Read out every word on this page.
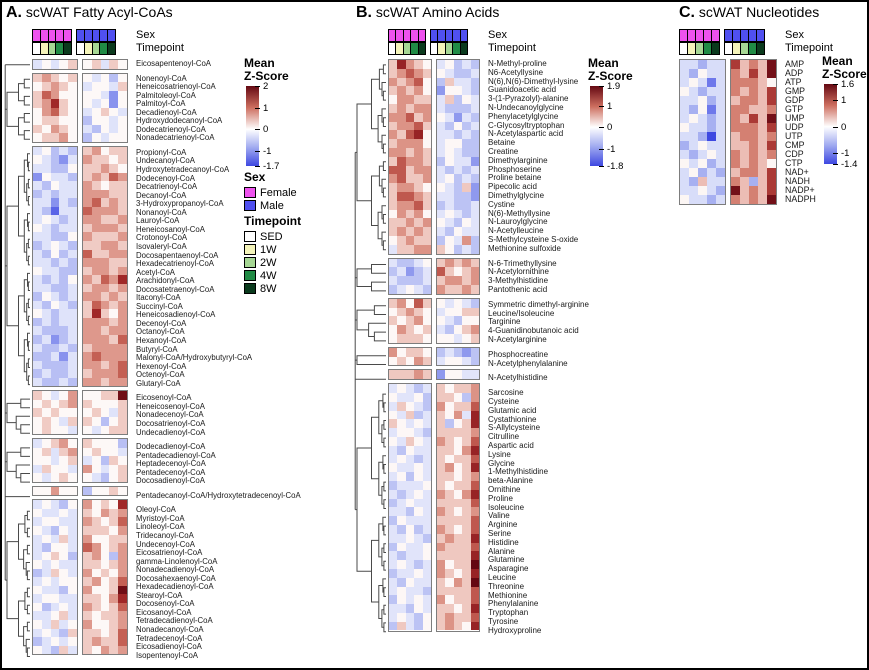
A. scWAT Fatty Acyl-CoAs
Sex
Timepoint
Eicosapentenoyl-CoA
Nonenoyl-CoA
Heneicosatrienoyl-CoA
Palmitoleoyl-CoA
Palmitoyl-CoA
Decadienoyl-CoA
Hydroxydodecanoyl-CoA
Dodecatrienoyl-CoA
Nonadecatrienoyl-CoA
Propionyl-CoA
Undecanoyl-CoA
Hydroxytetradecanoyl-CoA
Dodecenoyl-CoA
Decatrienoyl-CoA
Decanoyl-CoA
3-Hydroxypropanoyl-CoA
Nonanoyl-CoA
Lauroyl-CoA
Heneicosanoyl-CoA
Crotonoyl-CoA
Isovaleryl-CoA
Docosapentaenoyl-CoA
Hexadecatrienoyl-CoA
Acetyl-CoA
Arachidonyl-CoA
Docosatetraenoyl-CoA
Itaconyl-CoA
Succinyl-CoA
Heneicosadienoyl-CoA
Decenoyl-CoA
Octanoyl-CoA
Hexanoyl-CoA
Butyryl-CoA
Malonyl-CoA/Hydroxybutyryl-CoA
Hexenoyl-CoA
Octenoyl-CoA
Glutaryl-CoA
Eicosenoyl-CoA
Heneicosenoyl-CoA
Nonadecenoyl-CoA
Docosatrienoyl-CoA
Undecadienoyl-CoA
Dodecadienoyl-CoA
Pentadecadienoyl-CoA
Heptadecenoyl-CoA
Pentadecenoyl-CoA
Docosadienoyl-CoA
Pentadecanoyl-CoA/Hydroxytetradecenoyl-CoA
Oleoyl-CoA
Myristoyl-CoA
Linoleoyl-CoA
Tridecanoyl-CoA
Undecenoyl-CoA
Eicosatrienoyl-CoA
gamma-Linolenoyl-CoA
Nonadecadienoyl-CoA
Docosahexaenoyl-CoA
Hexadecadienoyl-CoA
Stearoyl-CoA
Docosenoyl-CoA
Eicosanoyl-CoA
Tetradecadienoyl-CoA
Nonadecanoyl-CoA
Tetradecenoyl-CoA
Eicosadienoyl-CoA
Isopentenoyl-CoA
B. scWAT Amino Acids
Sex
Timepoint
N-Methyl-proline
N6-Acetyllysine
N(6),N(6)-Dimethyl-lysine
Guanidoacetic acid
3-(1-Pyrazolyl)-alanine
N-Undecanoylglycine
Phenylacetylglycine
C-Glycosyltryptophan
N-Acetylaspartic acid
Betaine
Creatine
Dimethylarginine
Phosphoserine
Proline betaine
Pipecolic acid
Dimethylglycine
Cystine
N(6)-Methyllysine
N-Lauroylglycine
N-Acetylleucine
S-Methylcysteine S-oxide
Methionine sulfoxide
N-6-Trimethyllysine
N-Acetylornithine
3-Methylhistidine
Pantothenic acid
Symmetric dimethyl-arginine
Leucine/Isoleucine
Targinine
4-Guanidinobutanoic acid
N-Acetylarginine
Phosphocreatine
N-Acetylphenylalanine
N-Acetylhistidine
Sarcosine
Cysteine
Glutamic acid
Cystathionine
S-Allylcysteine
Citrulline
Aspartic acid
Lysine
Glycine
1-Methylhistidine
beta-Alanine
Ornithine
Proline
Isoleucine
Valine
Arginine
Serine
Histidine
Alanine
Glutamine
Asparagine
Leucine
Threonine
Methionine
Phenylalanine
Tryptophan
Tyrosine
Hydroxyproline
C. scWAT Nucleotides
Sex
Timepoint
AMP
ADP
ATP
GMP
GDP
GTP
UMP
UDP
UTP
CMP
CDP
CTP
NAD+
NADH
NADP+
NADPH
Mean
Z-Score
2
1
0
-1
-1.7
Mean
Z-Score
1.9
1
0
-1
-1.8
Mean
Z-Score
1.6
1
0
-1
-1.4
Sex
Female
Male
Timepoint
SED
1W
2W
4W
8W
